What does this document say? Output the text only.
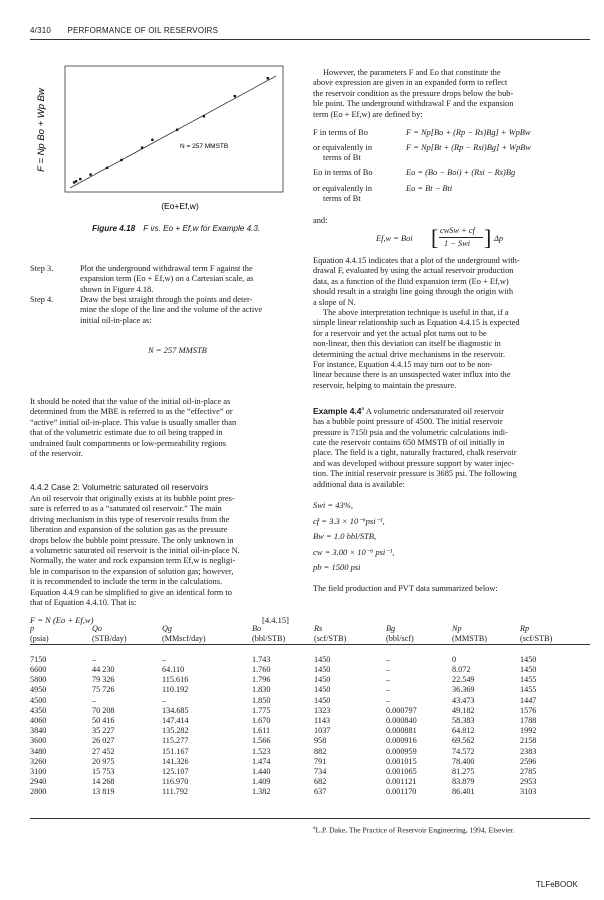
4/310 PERFORMANCE OF OIL RESERVOIRS
F = Np Bo + Wp Bw
(Eo+Ef,w)
N = 257 MMSTB
Figure 4.18 F vs. Eo + Ef,w for Example 4.3.
Step 3.	Plot the underground withdrawal term F against the
expansion term (Eo + Ef,w) on a Cartesian scale, as
shown in Figure 4.18.
Step 4.	Draw the best straight through the points and deter-
mine the slope of the line and the volume of the active
initial oil-in-place as:
N = 257 MMSTB
It should be noted that the value of the initial oil-in-place as
determined from the MBE is referred to as the “effective” or
“active” initial oil-in-place. This value is usually smaller than
that of the volumetric estimate due to oil being trapped in
undrained fault compartments or low-permeability regions
of the reservoir.
4.4.2 Case 2: Volumetric saturated oil reservoirs
An oil reservoir that originally exists at its bubble point pres-
sure is referred to as a “saturated oil reservoir.” The main
driving mechanism in this type of reservoir results from the
liberation and expansion of the solution gas as the pressure
drops below the bubble point pressure. The only unknown in
a volumetric saturated oil reservoir is the initial oil-in-place N.
Normally, the water and rock expansion term Ef,w is negligi-
ble in comparison to the expansion of solution gas; however,
it is recommended to include the term in the calculations.
Equation 4.4.9 can be simplified to give an identical form to
that of Equation 4.4.10. That is:
F = N (Eo + Ef,w)	[4.4.15]
However, the parameters F and Eo that constitute the
above expression are given in an expanded form to reflect
the reservoir condition as the pressure drops below the bub-
ble point. The underground withdrawal F and the expansion
term (Eo + Ef,w) are defined by:
F in terms of Bo	F = Np[Bo + (Rp − Rs)Bg] + WpBw
or equivalently in
terms of Bt
F = Np[Bt + (Rp − Rsi)Bg] + WpBw
Eo in terms of Bo	Eo = (Bo − Boi) + (Rsi − Rs)Bg
or equivalently in
terms of Bt
Eo = Bt − Bti
and:
Ef,w = Boi [ cwSw + cf
1 − Swi ] Δp
Equation 4.4.15 indicates that a plot of the underground with-
drawal F, evaluated by using the actual reservoir production
data, as a function of the fluid expansion term (Eo + Ef,w)
should result in a straight line going through the origin with
a slope of N.
The above interpretation technique is useful in that, if a
simple linear relationship such as Equation 4.4.15 is expected
for a reservoir and yet the actual plot turns out to be
non-linear, then this deviation can itself be diagnostic in
determining the actual drive mechanisms in the reservoir.
For instance, Equation 4.4.15 may turn out to be non-
linear because there is an unsuspected water influx into the
reservoir, helping to maintain the pressure.
Example 4.4$^a$ A volumetric undersaturated oil reservoir
has a bubble point pressure of 4500. The initial reservoir
pressure is 7150 psia and the volumetric calculations indi-
cate the reservoir contains 650 MMSTB of oil initially in
place. The field is a tight, naturally fractured, chalk reservoir
and was developed without pressure support by water injec-
tion. The initial reservoir pressure is 3685 psi. The following
additional data is available:
Swi = 43%,
cf = 3.3 × 10⁻⁶psi⁻¹,
Bw = 1.0 bbl/STB,
cw = 3.00 × 10⁻⁶ psi⁻¹,
pb = 1500 psi
The field production and PVT data summarized below:
p	Qo	Qg	Bo	Rs	Bg	Np	Rp
(psia)	(STB/day)	(MMscf/day)	(bbl/STB)	(scf/STB)	(bbl/scf)	(MMSTB)	(scf/STB)
7150	–	–	1.743	1450	–	0	1450
6600	44 230	64.110	1.760	1450	–	8.072	1450
5800	79 326	115.616	1.796	1450	–	22.549	1455
4950	75 726	110.192	1.830	1450	–	36.369	1455
4500	–	–	1.850	1450	–	43.473	1447
4350	70 208	134.685	1.775	1323	0.000797	49.182	1576
4060	50 416	147.414	1.670	1143	0.000840	58.383	1788
3840	35 227	135.282	1.611	1037	0.000881	64.812	1992
3600	26 027	115.277	1.566	958	0.000916	69.562	2158
3480	27 452	151.167	1.523	882	0.000959	74.572	2383
3260	20 975	141.326	1.474	791	0.001015	78.400	2596
3100	15 753	125.107	1.440	734	0.001065	81.275	2785
2940	14 268	116.970	1.409	682	0.001121	83.879	2953
2800	13 819	111.792	1.382	637	0.001170	86.401	3103
$^a$L.P. Dake, The Practice of Reservoir Engineering, 1994, Elsevier.
TLFeBOOK
